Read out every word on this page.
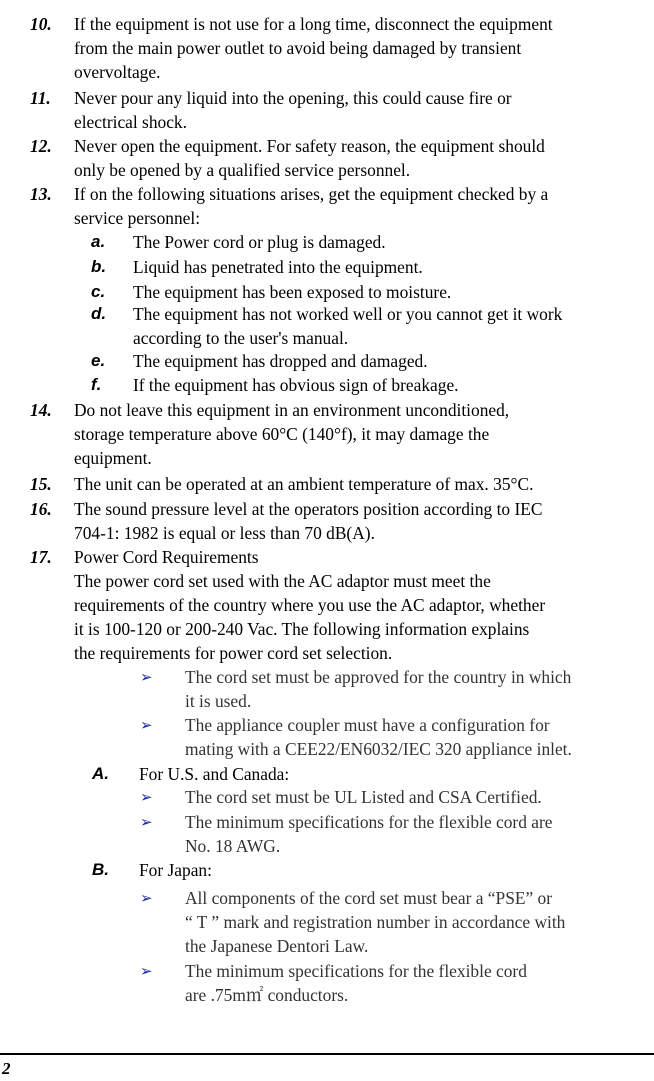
10. If the equipment is not use for a long time, disconnect the equipment
from the main power outlet to avoid being damaged by transient
overvoltage.
11. Never pour any liquid into the opening, this could cause fire or
electrical shock.
12. Never open the equipment. For safety reason, the equipment should
only be opened by a qualified service personnel.
13. If on the following situations arises, get the equipment checked by a
service personnel:
a. The Power cord or plug is damaged.
b. Liquid has penetrated into the equipment.
c. The equipment has been exposed to moisture.
d. The equipment has not worked well or you cannot get it work
according to the user's manual.
e. The equipment has dropped and damaged.
f. If the equipment has obvious sign of breakage.
14. Do not leave this equipment in an environment unconditioned,
storage temperature above 60°C (140°f), it may damage the
equipment.
15. The unit can be operated at an ambient temperature of max. 35°C.
16. The sound pressure level at the operators position according to IEC
704-1: 1982 is equal or less than 70 dB(A).
17. Power Cord Requirements
The power cord set used with the AC adaptor must meet the
requirements of the country where you use the AC adaptor, whether
it is 100-120 or 200-240 Vac. The following information explains
the requirements for power cord set selection.
➢ The cord set must be approved for the country in which
it is used.
➢ The appliance coupler must have a configuration for
mating with a CEE22/EN6032/IEC 320 appliance inlet.
A. For U.S. and Canada:
➢ The cord set must be UL Listed and CSA Certified.
➢ The minimum specifications for the flexible cord are
No. 18 AWG.
B. For Japan:
➢ All components of the cord set must bear a “PSE” or
“ T ” mark and registration number in accordance with
the Japanese Dentori Law.
➢ The minimum specifications for the flexible cord
are .75m㎡ conductors.
2
